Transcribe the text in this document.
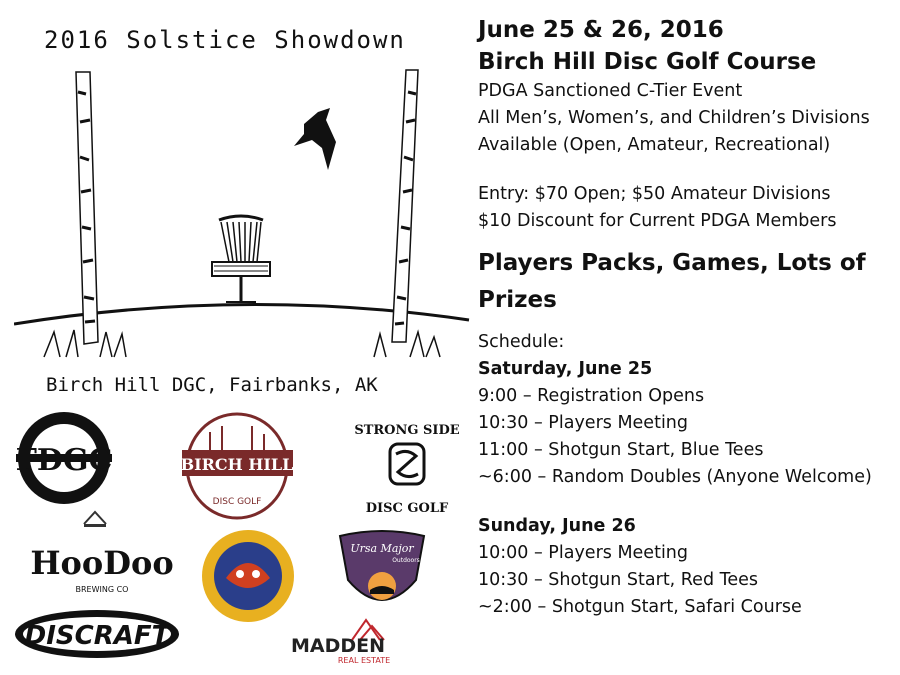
2016 Solstice Showdown
Birch Hill DGC, Fairbanks, AK
June 25 & 26, 2016
Birch Hill Disc Golf Course
PDGA Sanctioned C-Tier Event
All Men’s, Women’s, and Children’s Divisions
Available (Open, Amateur, Recreational)
Entry: $70 Open; $50 Amateur Divisions
$10 Discount for Current PDGA Members
Players Packs, Games, Lots of Prizes
Schedule:
Saturday, June 25
9:00 – Registration Opens
10:30 – Players Meeting
11:00 – Shotgun Start, Blue Tees
~6:00 – Random Doubles (Anyone Welcome)
Sunday, June 26
10:00 – Players Meeting
10:30 – Shotgun Start, Red Tees
~2:00 – Shotgun Start, Safari Course
FDGC	BIRCH HILL
DISC GOLF
STRONG SIDE
DISC GOLF
HooDoo
BREWING CO
DISCRAFT
Ursa Major
Outdoors
MADDEN
REAL ESTATE
